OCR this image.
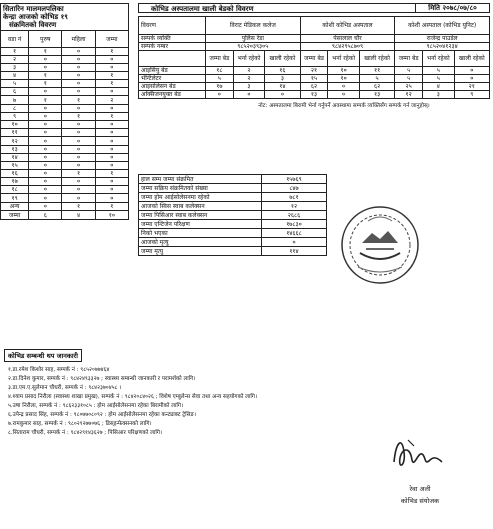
सितारिन मालमलपलिका
केन्द्रा आजको कोभिड १९
संक्रमितको विवरण
वडा नं	पुरुष	महिला	जम्मा
१	१	०	१
२	०	०	०
३	०	०	०
४	१	०	१
५	१	०	१
६	०	०	०
७	१	१	२
८	०	०	०
९	०	१	१
१०	०	०	०
११	०	०	०
१२	०	०	०
१३	०	०	०
१४	०	०	०
१५	०	०	०
१६	०	१	१
१७	०	०	०
१८	०	०	०
१९	०	०	०
अन्य	०	१	१
जम्मा	६	४	१०
कोभिड अस्पतालमा खाली बेडको विवरण	मिति २०७८/०७/८०
विवरण	विराट मेडिकल कलेज			कोशी कोभिड अस्पताल			कोशी अस्पताल (कोभिड युनिट)		
सम्पर्क व्यक्ति	पुलिस रेडा			पेसालाल चौर			राजेन्द्र पाउडेल		
सम्पर्क नम्बर	९८५२०३९३०५			९८४२९५८७०९			९८५२०४१२३४		
	जम्मा बेड	भर्ना रहेको	खाली रहेको	जम्मा बेड	भर्ना रहेको	खाली रहेको	जम्मा बेड	भर्ना रहेको	खाली रहेको
आइसियु बेड	१८	२	१६	२१	१०	११	५	५	०
भेन्टिलेटर	५	२	३	१५	१०	५	५	५	०
आइसोलेसन बेड	१७	३	१४	६२	०	६२	२५	४	२१
अक्सिजनयुक्त बेड	०	०	०	१३	०	१३	१२	३	९
नोट: अस्पतालमा बिरामी भेर्ना गर्नुपर्ने अवस्थामा सम्पर्क व्यक्तिसँग सम्पर्क गर्न जानुहोस्।
हाल सम्म जम्मा संक्रमित	१५७६९
जम्मा सक्रिय संक्रमितको संख्या	८४७
जम्मा होम आईसोलेसनमा रहेको	७८१
आजको स्विस स्वाब कलेक्सन	१२
जम्मा पिसिआर स्वाब कलेक्सन	२६८६
जम्मा एन्टिजेन परिक्षण	१७८३०
निको भएका	१४६६८
आजको मृत्यु	०
जम्मा मृत्यु	११४
कोभिड सम्बन्धी थप जानकारी
१.डा.रमेश किशोर साह, सम्पर्क नं : ९८५२०७७४६४
२.डा.दिनेश कुमार, सम्पर्क नं : ९८४२४९३३२७ ; स्वास्थ्य सम्बन्धी जानकारी र परामर्शको लागि।
३.डा.एम.ए.सुलेमान चौधरी, सम्पर्क नं : ९८४२३७०४५८ ।
४.श्याम प्रसाद निरौला (स्वास्थ्य शाखा प्रमुख), सम्पर्क नं : ९८४२०८४०२६ ; विशेष एम्बुलेन्स सेवा तथा अन्य सहयोगको लागि।
५.उषा निरौला, सम्पर्क नं : ९८६२३३१०८५ : होम आईसोलेसनमा रहेका बिरामीको लागि।
६.उपेन्द्र प्रसाद सिंह, सम्पर्क नं : ९८०७७०८०९२ : होम आईसोलेसनमा रहेका कन्ट्याक्ट ट्रेसिङ।
७.रामकुमार साह, सम्पर्क नं : ९८०२९२७७०७६ ; डिस्इन्फेक्सनको लागि।
८.सिताराम चौधरी, सम्पर्क नं : ९८४२९१४३६२७ ; पिसिआर परिक्षणको लागि।
रेवा अली
कोभिड संयोजक
